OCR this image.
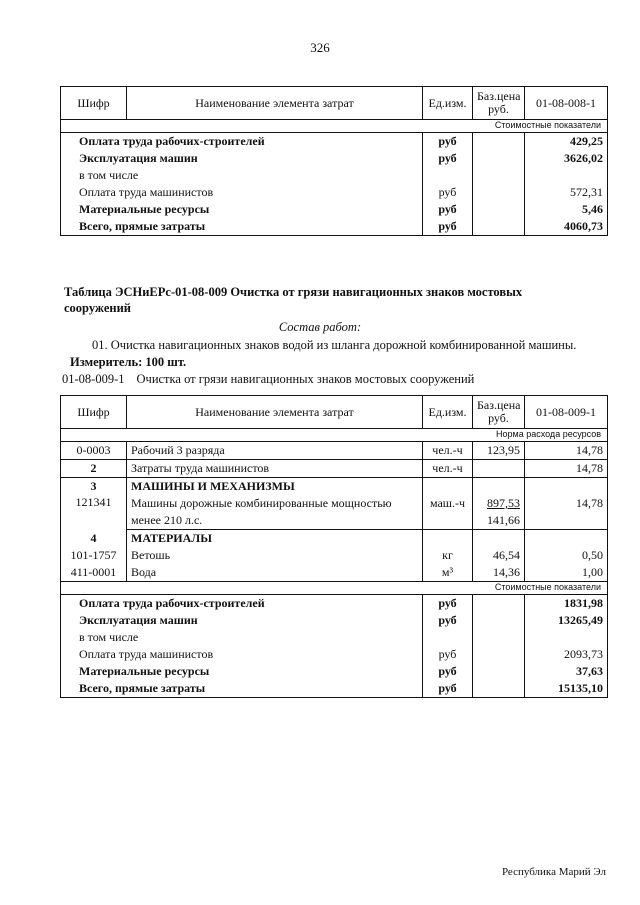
326
Шифр	Наименование элемента затрат	Ед.изм.	Баз.цена руб.	01-08-008-1

				Стоимостные показатели

Оплата труда рабочих-строителей		руб		429,25
Эксплуатация машин		руб		3626,02
в том числе				
Оплата труда машинистов		руб		572,31
Материальные ресурсы		руб		5,46
Всего, прямые затраты		руб		4060,73
Таблица ЭСНиЕРс-01-08-009 Очистка от грязи навигационных знаков мостовых сооружений
Состав работ:
01. Очистка навигационных знаков водой из шланга дорожной комбинированной машины.
Измеритель: 100 шт.
01-08-009-1 Очистка от грязи навигационных знаков мостовых сооружений
Шифр	Наименование элемента затрат	Ед.изм.	Баз.цена руб.	01-08-009-1

				Норма расхода ресурсов

0-0003	Рабочий 3 разряда	чел.-ч	123,95	14,78
2	Затраты труда машинистов	чел.-ч		14,78
3	МАШИНЫ И МЕХАНИЗМЫ			
121341	Машины дорожные комбинированные мощностью	маш.-ч	897,53	14,78
	менее 210 л.с.		141,66	
4	МАТЕРИАЛЫ			
101-1757	Ветошь	кг	46,54	0,50
411-0001	Вода	м³	14,36	1,00

				Стоимостные показатели

Оплата труда рабочих-строителей		руб		1831,98
Эксплуатация машин		руб		13265,49
в том числе				
Оплата труда машинистов		руб		2093,73
Материальные ресурсы		руб		37,63
Всего, прямые затраты		руб		15135,10
Республика Марий Эл
